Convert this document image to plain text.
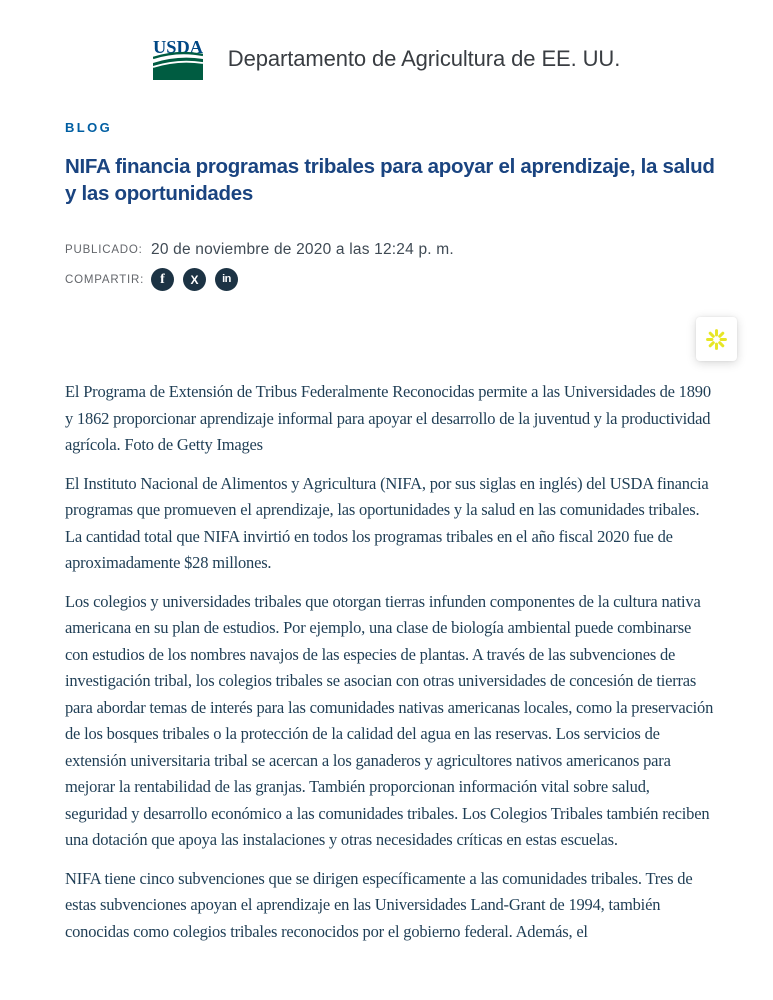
USDA Departamento de Agricultura de EE. UU.
BLOG
NIFA financia programas tribales para apoyar el aprendizaje, la salud y las oportunidades
PUBLICADO: 20 de noviembre de 2020 a las 12:24 p. m.
COMPARTIR:	f	X	in

El Programa de Extensión de Tribus Federalmente Reconocidas permite a las Universidades de 1890 y 1862 proporcionar aprendizaje informal para apoyar el desarrollo de la juventud y la productividad agrícola. Foto de Getty Images

El Instituto Nacional de Alimentos y Agricultura (NIFA, por sus siglas en inglés) del USDA financia programas que promueven el aprendizaje, las oportunidades y la salud en las comunidades tribales. La cantidad total que NIFA invirtió en todos los programas tribales en el año fiscal 2020 fue de aproximadamente $28 millones.

Los colegios y universidades tribales que otorgan tierras infunden componentes de la cultura nativa americana en su plan de estudios. Por ejemplo, una clase de biología ambiental puede combinarse con estudios de los nombres navajos de las especies de plantas. A través de las subvenciones de investigación tribal, los colegios tribales se asocian con otras universidades de concesión de tierras para abordar temas de interés para las comunidades nativas americanas locales, como la preservación de los bosques tribales o la protección de la calidad del agua en las reservas. Los servicios de extensión universitaria tribal se acercan a los ganaderos y agricultores nativos americanos para mejorar la rentabilidad de las granjas. También proporcionan información vital sobre salud, seguridad y desarrollo económico a las comunidades tribales. Los Colegios Tribales también reciben una dotación que apoya las instalaciones y otras necesidades críticas en estas escuelas.

NIFA tiene cinco subvenciones que se dirigen específicamente a las comunidades tribales. Tres de estas subvenciones apoyan el aprendizaje en las Universidades Land-Grant de 1994, también conocidas como colegios tribales reconocidos por el gobierno federal. Además, el
